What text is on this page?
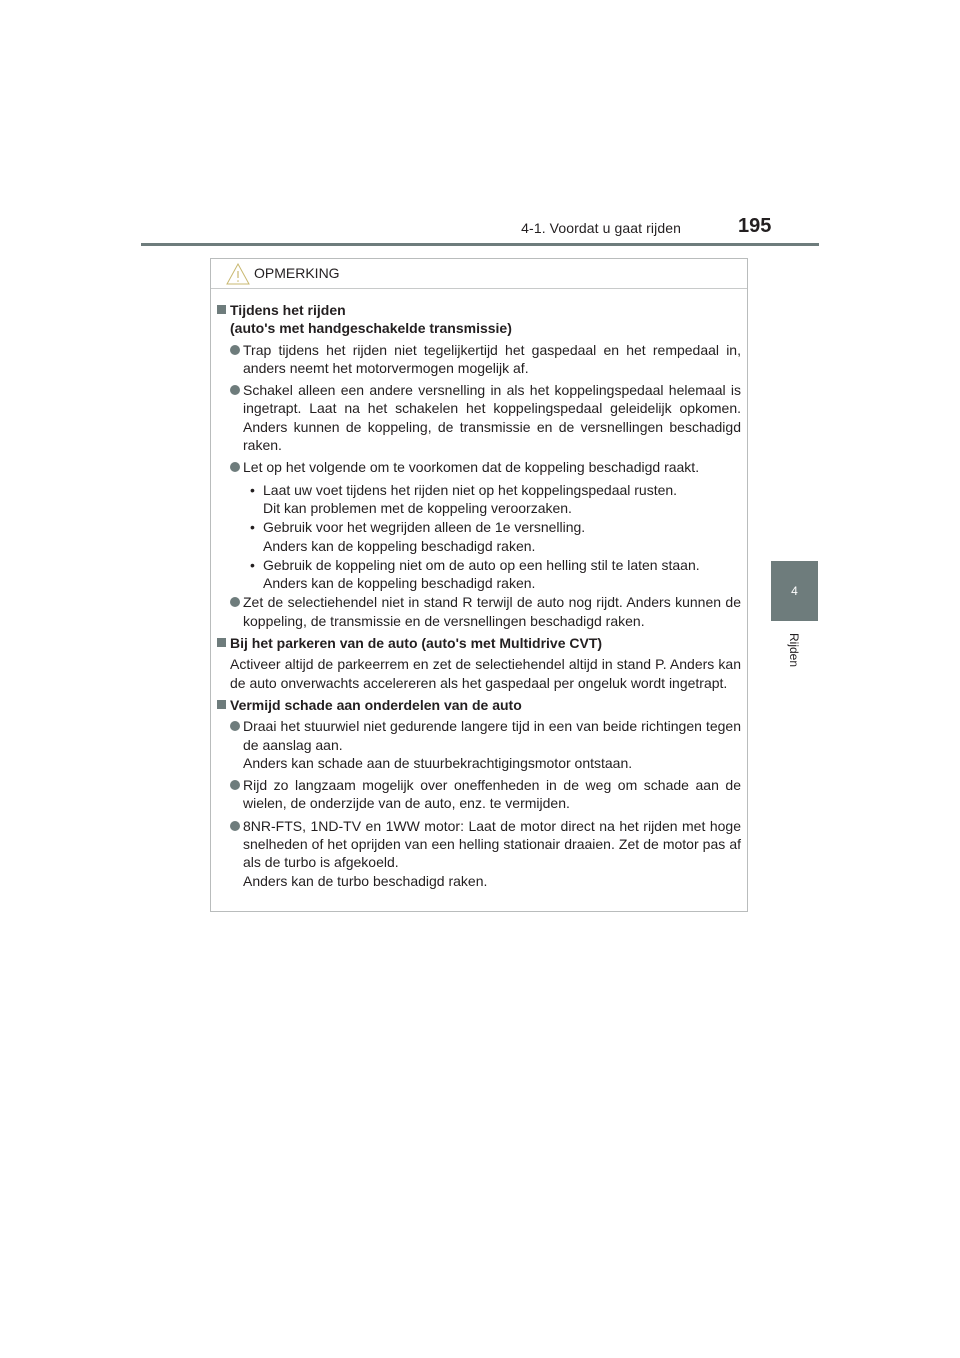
4-1. Voordat u gaat rijden	195
4
Rijden
OPMERKING
Tijdens het rijden
(auto's met handgeschakelde transmissie)
Trap tijdens het rijden niet tegelijkertijd het gaspedaal en het rempedaal in, anders neemt het motorvermogen mogelijk af.
Schakel alleen een andere versnelling in als het koppelingspedaal helemaal is ingetrapt. Laat na het schakelen het koppelingspedaal geleidelijk opkomen. Anders kunnen de koppeling, de transmissie en de versnellingen beschadigd raken.
Let op het volgende om te voorkomen dat de koppeling beschadigd raakt.
• Laat uw voet tijdens het rijden niet op het koppelingspedaal rusten.
Dit kan problemen met de koppeling veroorzaken.
• Gebruik voor het wegrijden alleen de 1e versnelling.
Anders kan de koppeling beschadigd raken.
• Gebruik de koppeling niet om de auto op een helling stil te laten staan.
Anders kan de koppeling beschadigd raken.
Zet de selectiehendel niet in stand R terwijl de auto nog rijdt. Anders kunnen de koppeling, de transmissie en de versnellingen beschadigd raken.
Bij het parkeren van de auto (auto's met Multidrive CVT)
Activeer altijd de parkeerrem en zet de selectiehendel altijd in stand P. Anders kan de auto onverwachts accelereren als het gaspedaal per ongeluk wordt ingetrapt.
Vermijd schade aan onderdelen van de auto
Draai het stuurwiel niet gedurende langere tijd in een van beide richtingen tegen de aanslag aan.
Anders kan schade aan de stuurbekrachtigingsmotor ontstaan.
Rijd zo langzaam mogelijk over oneffenheden in de weg om schade aan de wielen, de onderzijde van de auto, enz. te vermijden.
8NR-FTS, 1ND-TV en 1WW motor: Laat de motor direct na het rijden met hoge snelheden of het oprijden van een helling stationair draaien. Zet de motor pas af als de turbo is afgekoeld.
Anders kan de turbo beschadigd raken.
